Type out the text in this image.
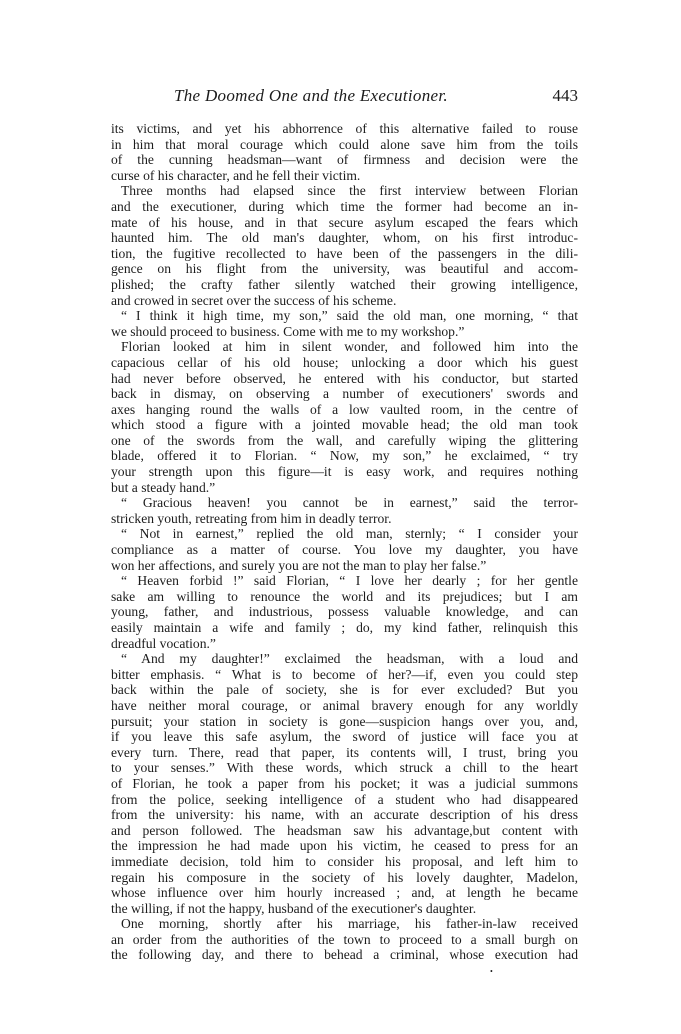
The Doomed One and the Executioner.	443
its victims, and yet his abhorrence of this alternative failed to rouse
in him that moral courage which could alone save him from the toils
of the cunning headsman—want of firmness and decision were the
curse of his character, and he fell their victim.
Three months had elapsed since the first interview between Florian
and the executioner, during which time the former had become an in-
mate of his house, and in that secure asylum escaped the fears which
haunted him. The old man's daughter, whom, on his first introduc-
tion, the fugitive recollected to have been of the passengers in the dili-
gence on his flight from the university, was beautiful and accom-
plished; the crafty father silently watched their growing intelligence,
and crowed in secret over the success of his scheme.
“ I think it high time, my son,” said the old man, one morning, “ that
we should proceed to business. Come with me to my workshop.”
Florian looked at him in silent wonder, and followed him into the
capacious cellar of his old house; unlocking a door which his guest
had never before observed, he entered with his conductor, but started
back in dismay, on observing a number of executioners' swords and
axes hanging round the walls of a low vaulted room, in the centre of
which stood a figure with a jointed movable head; the old man took
one of the swords from the wall, and carefully wiping the glittering
blade, offered it to Florian. “ Now, my son,” he exclaimed, “ try
your strength upon this figure—it is easy work, and requires nothing
but a steady hand.”
“ Gracious heaven! you cannot be in earnest,” said the terror-
stricken youth, retreating from him in deadly terror.
“ Not in earnest,” replied the old man, sternly; “ I consider your
compliance as a matter of course. You love my daughter, you have
won her affections, and surely you are not the man to play her false.”
“ Heaven forbid !” said Florian, “ I love her dearly ; for her gentle
sake am willing to renounce the world and its prejudices; but I am
young, father, and industrious, possess valuable knowledge, and can
easily maintain a wife and family ; do, my kind father, relinquish this
dreadful vocation.”
“ And my daughter!” exclaimed the headsman, with a loud and
bitter emphasis. “ What is to become of her?—if, even you could step
back within the pale of society, she is for ever excluded? But you
have neither moral courage, or animal bravery enough for any worldly
pursuit; your station in society is gone—suspicion hangs over you, and,
if you leave this safe asylum, the sword of justice will face you at
every turn. There, read that paper, its contents will, I trust, bring you
to your senses.” With these words, which struck a chill to the heart
of Florian, he took a paper from his pocket; it was a judicial summons
from the police, seeking intelligence of a student who had disappeared
from the university: his name, with an accurate description of his dress
and person followed. The headsman saw his advantage,but content with
the impression he had made upon his victim, he ceased to press for an
immediate decision, told him to consider his proposal, and left him to
regain his composure in the society of his lovely daughter, Madelon,
whose influence over him hourly increased ; and, at length he became
the willing, if not the happy, husband of the executioner's daughter.
One morning, shortly after his marriage, his father-in-law received
an order from the authorities of the town to proceed to a small burgh on
the following day, and there to behead a criminal, whose execution had
•
